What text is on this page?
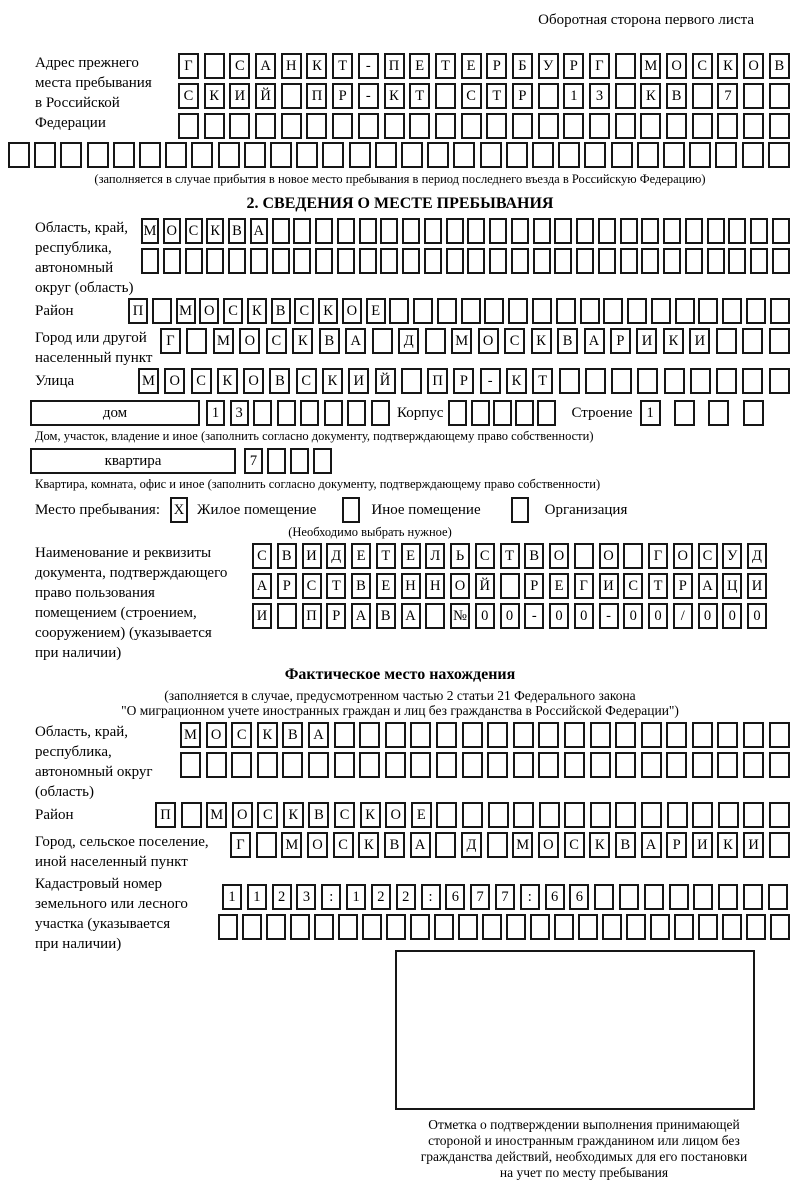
Оборотная сторона первого листа
Адрес прежнего
места пребывания
в Российской
Федерации
Г	С	А	Н	К	Т	-	П	Е	Т	Е	Р	Б	У	Р	Г	М О	С	К	О	В
С	К	И	Й	П	Р	-	К	Т	С	Т	Р	1	3	К	В	7
(заполняется в случае прибытия в новое место пребывания в период последнего въезда в Российскую Федерацию)
2. СВЕДЕНИЯ О МЕСТЕ ПРЕБЫВАНИЯ
Область, край,
республика,
автономный
округ (область)
М О С К В А
Район	П	М О С К В С К О Е
Город или другой
населенный пункт
Г	М	О	С	К	В	А	Д	М	О	С	К	В	А	Р	И	К	И
Улица	М	О	С	К	О	В	С	К	И	Й	П	Р	-	К	Т
дом	1	3	Корпус	Строение 1
Дом, участок, владение и иное (заполнить согласно документу, подтверждающему право собственности)
квартира	7
Квартира, комната, офис и иное (заполнить согласно документу, подтверждающему право собственности)
Место пребывания: X Жилое помещение	Иное помещение	Организация
(Необходимо выбрать нужное)
Наименование и реквизиты
документа, подтверждающего
право пользования
помещением (строением,
сооружением) (указывается
при наличии)
С	В	И	Д	Е	Т	Е	Л	Ь	С	Т	В	О	О	Г	О	С	У	Д
А	Р	С	Т	В	Е	Н Н О Й	Р	Е	Г	И	С	Т	Р	А Ц И
И	П	Р	А	В	А	№ 0	0	-	0	0	-	0	0	/	0	0	0
Фактическое место нахождения
(заполняется в случае, предусмотренном частью 2 статьи 21 Федерального закона
"О миграционном учете иностранных граждан и лиц без гражданства в Российской Федерации")
Область, край,
республика,
автономный округ
(область)
М О	С	К	В	А
Район	П	М О	С	К	В	С	К	О	Е
Город, сельское поселение,
иной населенный пункт
Г	М О	С	К	В	А	Д	М О	С	К	В	А	Р	И	К	И
Кадастровый номер
земельного или лесного
участка (указывается
при наличии)
1	1	2	3	:	1	2	2	:	6	7	7	:	6	6
Отметка о подтверждении выполнения принимающей
стороной и иностранным гражданином или лицом без
гражданства действий, необходимых для его постановки
на учет по месту пребывания
